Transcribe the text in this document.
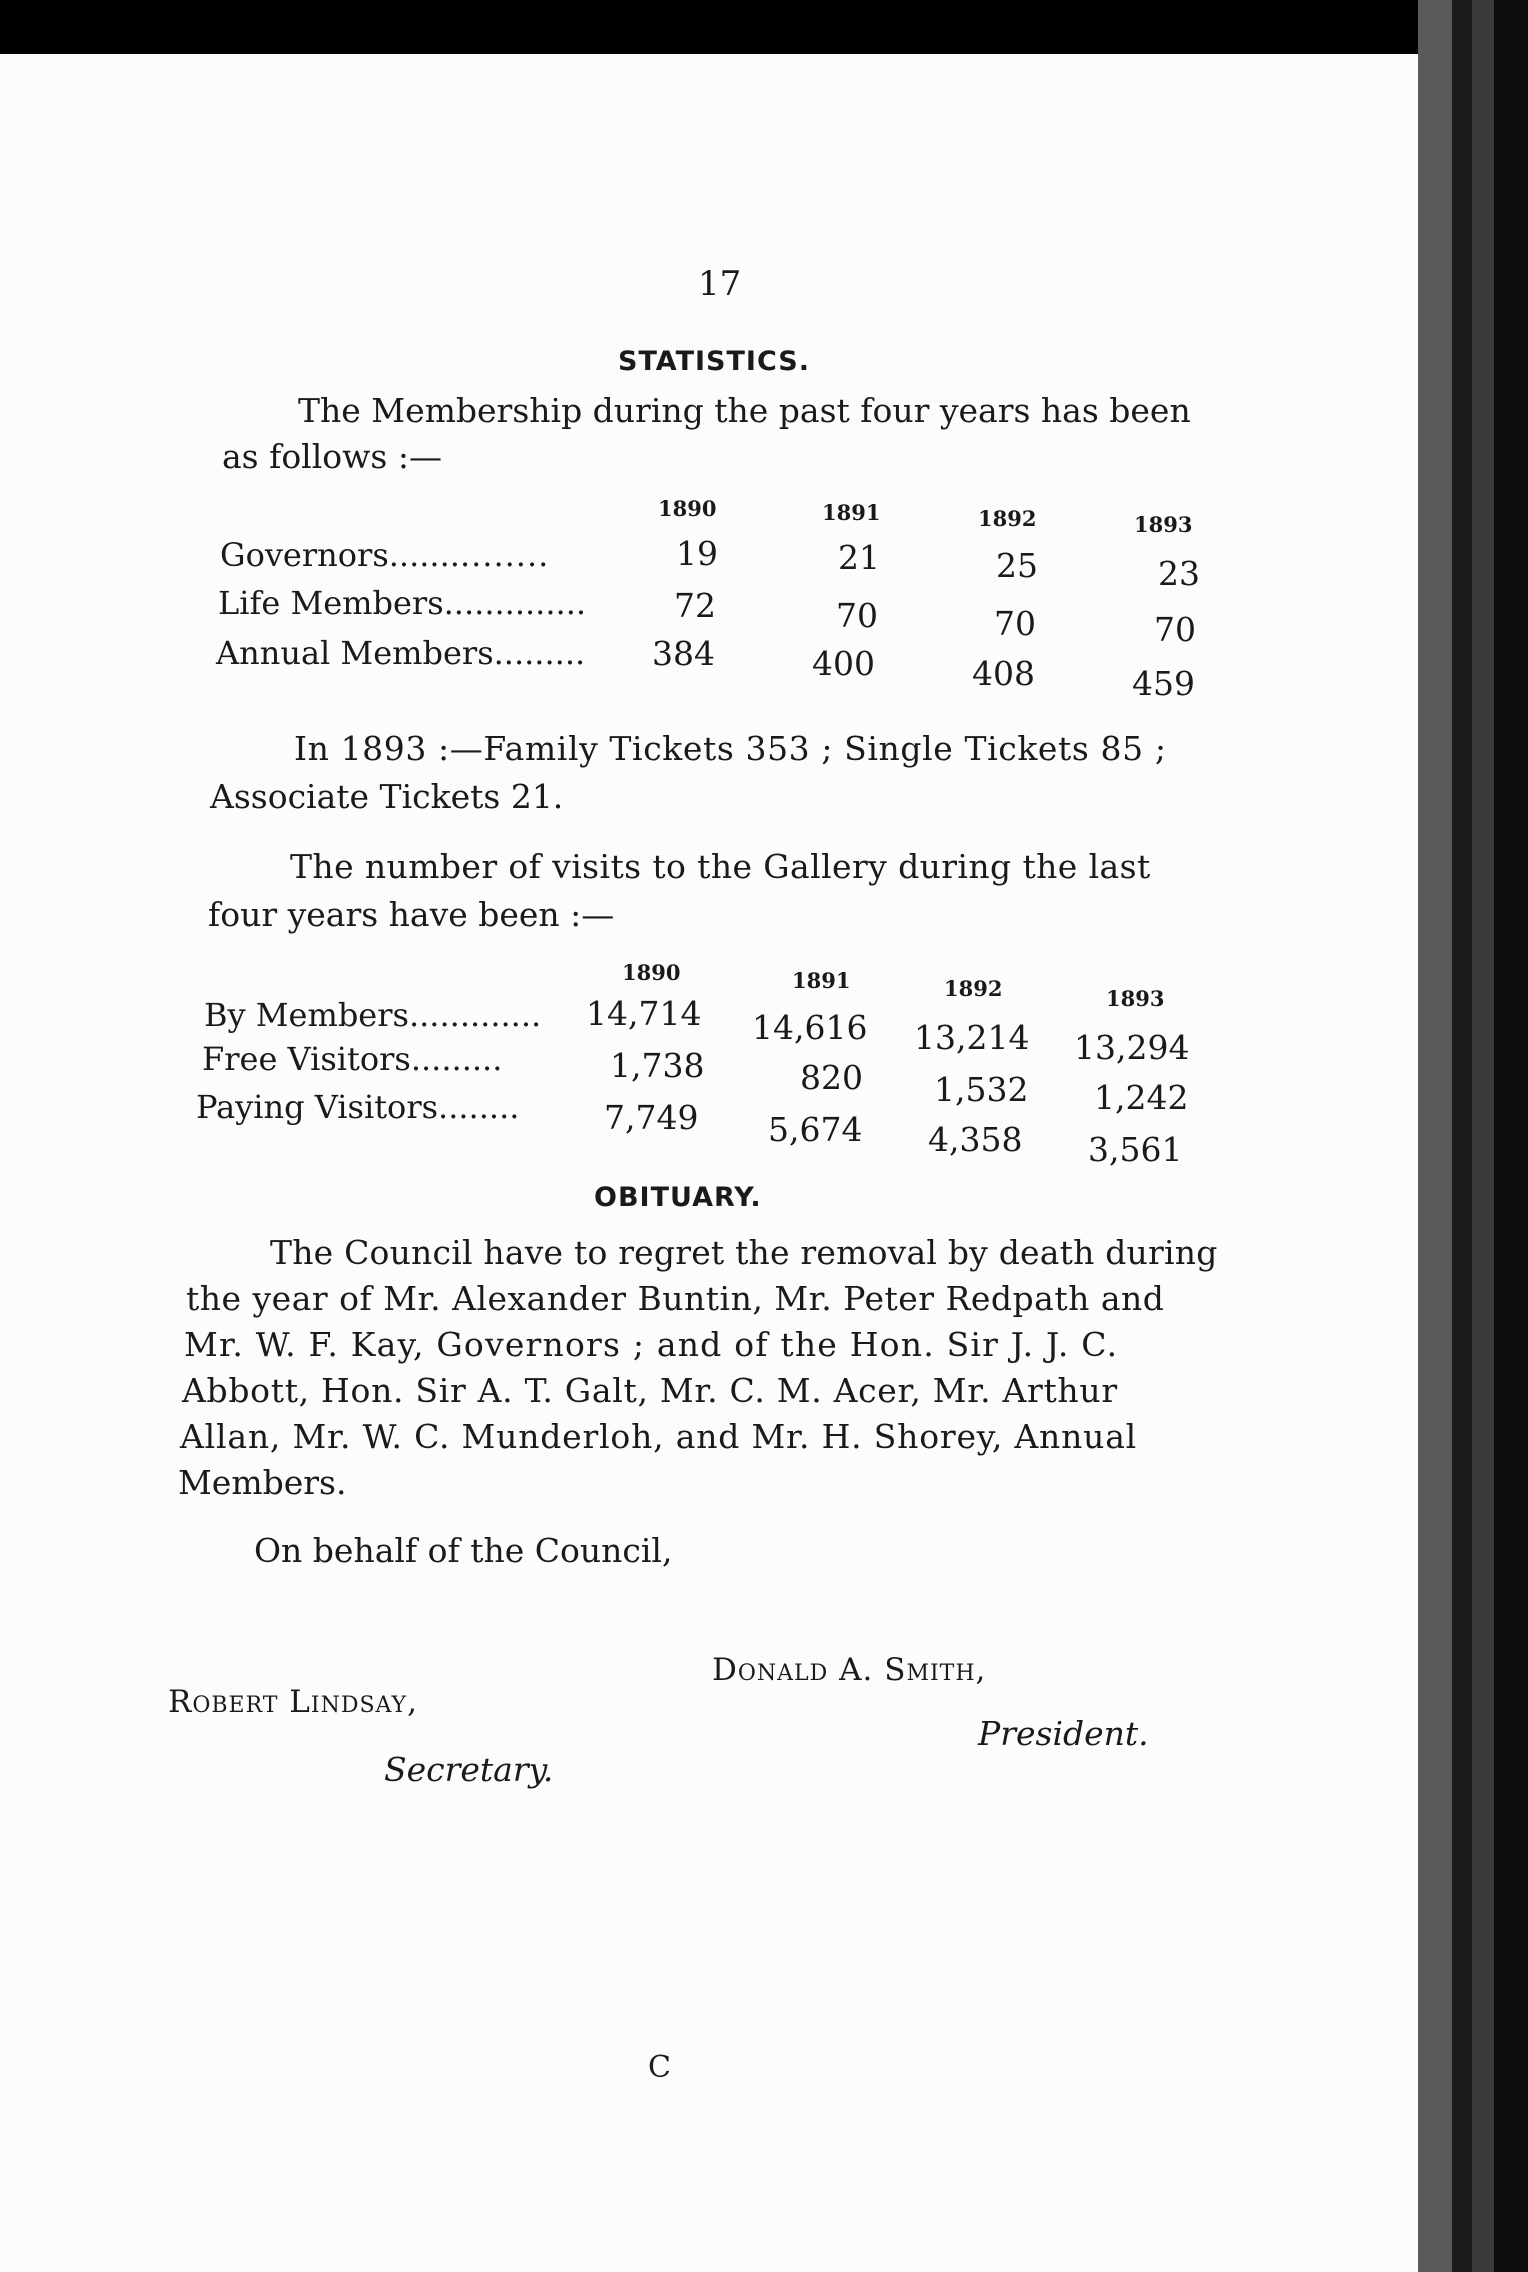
17
STATISTICS.
The Membership during the past four years has been
as follows :—
1890	1891	1892	1893
Governors...............	19	21	25	23
Life Members..............	72	70	70	70
Annual Members......... 384	400	408	459
In 1893 :—Family Tickets 353 ; Single Tickets 85 ;
Associate Tickets 21.
The number of visits to the Gallery during the last
four years have been :—
1890	1891	1892	1893
By Members............. 14,714 14,616 13,214 13,294
Free Visitors.........	1,738	820 1,532 1,242
Paying Visitors........	7,749 5,674 4,358 3,561
OBITUARY.
The Council have to regret the removal by death during
the year of Mr. Alexander Buntin, Mr. Peter Redpath and
Mr. W. F. Kay, Governors ; and of the Hon. Sir J. J. C.
Abbott, Hon. Sir A. T. Galt, Mr. C. M. Acer, Mr. Arthur
Allan, Mr. W. C. Munderloh, and Mr. H. Shorey, Annual
Members.
On behalf of the Council,
Donald A. Smith,
President.
Robert Lindsay,
Secretary.
C
